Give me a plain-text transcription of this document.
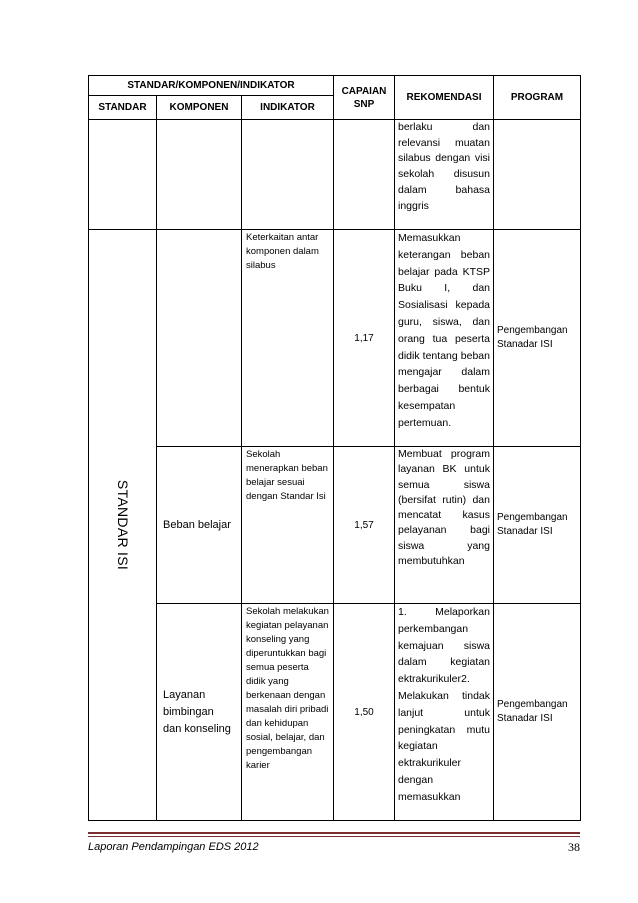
STANDAR/KOMPONEN/INDIKATOR			CAPAIAN SNP	REKOMENDASI	PROGRAM
STANDAR	KOMPONEN	INDIKATOR			
				berlaku dan relevansi muatan silabus dengan visi sekolah disusun dalam bahasa inggris	

STANDAR ISI		Keterkaitan antar komponen dalam silabus	1,17	Memasukkan keterangan beban belajar pada KTSP Buku I, dan Sosialisasi kepada guru, siswa, dan orang tua peserta didik tentang beban mengajar dalam berbagai bentuk kesempatan pertemuan.	Pengembangan Stanadar ISI
	Beban belajar	Sekolah menerapkan beban belajar sesuai dengan Standar Isi	1,57	Membuat program layanan BK untuk semua siswa (bersifat rutin) dan mencatat kasus pelayanan bagi siswa yang membutuhkan	Pengembangan Stanadar ISI
	Layanan bimbingan dan konseling	Sekolah melakukan kegiatan pelayanan konseling yang diperuntukkan bagi semua peserta didik yang berkenaan dengan masalah diri pribadi dan kehidupan sosial, belajar, dan pengembangan karier	1,50	1. Melaporkan perkembangan kemajuan siswa dalam kegiatan ektrakurikuler2. Melakukan tindak lanjut untuk peningkatan mutu kegiatan ektrakurikuler dengan memasukkan	Pengembangan Stanadar ISI
Laporan Pendampingan EDS 2012	38
